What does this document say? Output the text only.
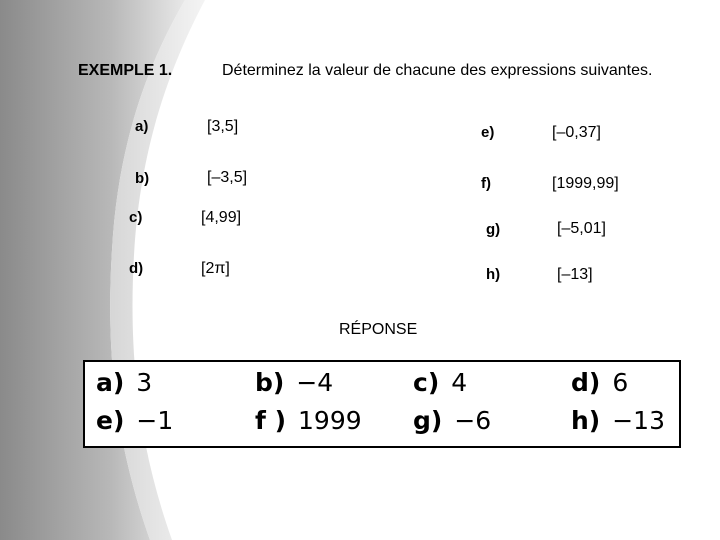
EXEMPLE 1.	Déterminez la valeur de chacune des expressions suivantes.
a)	[3,5]
b)	[–3,5]
c)	[4,99]
d)	[2π]
e)	[–0,37]
f)	[1999,99]
g)	[–5,01]
h)	[–13]
RÉPONSE
a) 3	b) −4	c) 4	d) 6
e) −1	f ) 1999 g) −6	h) −13
